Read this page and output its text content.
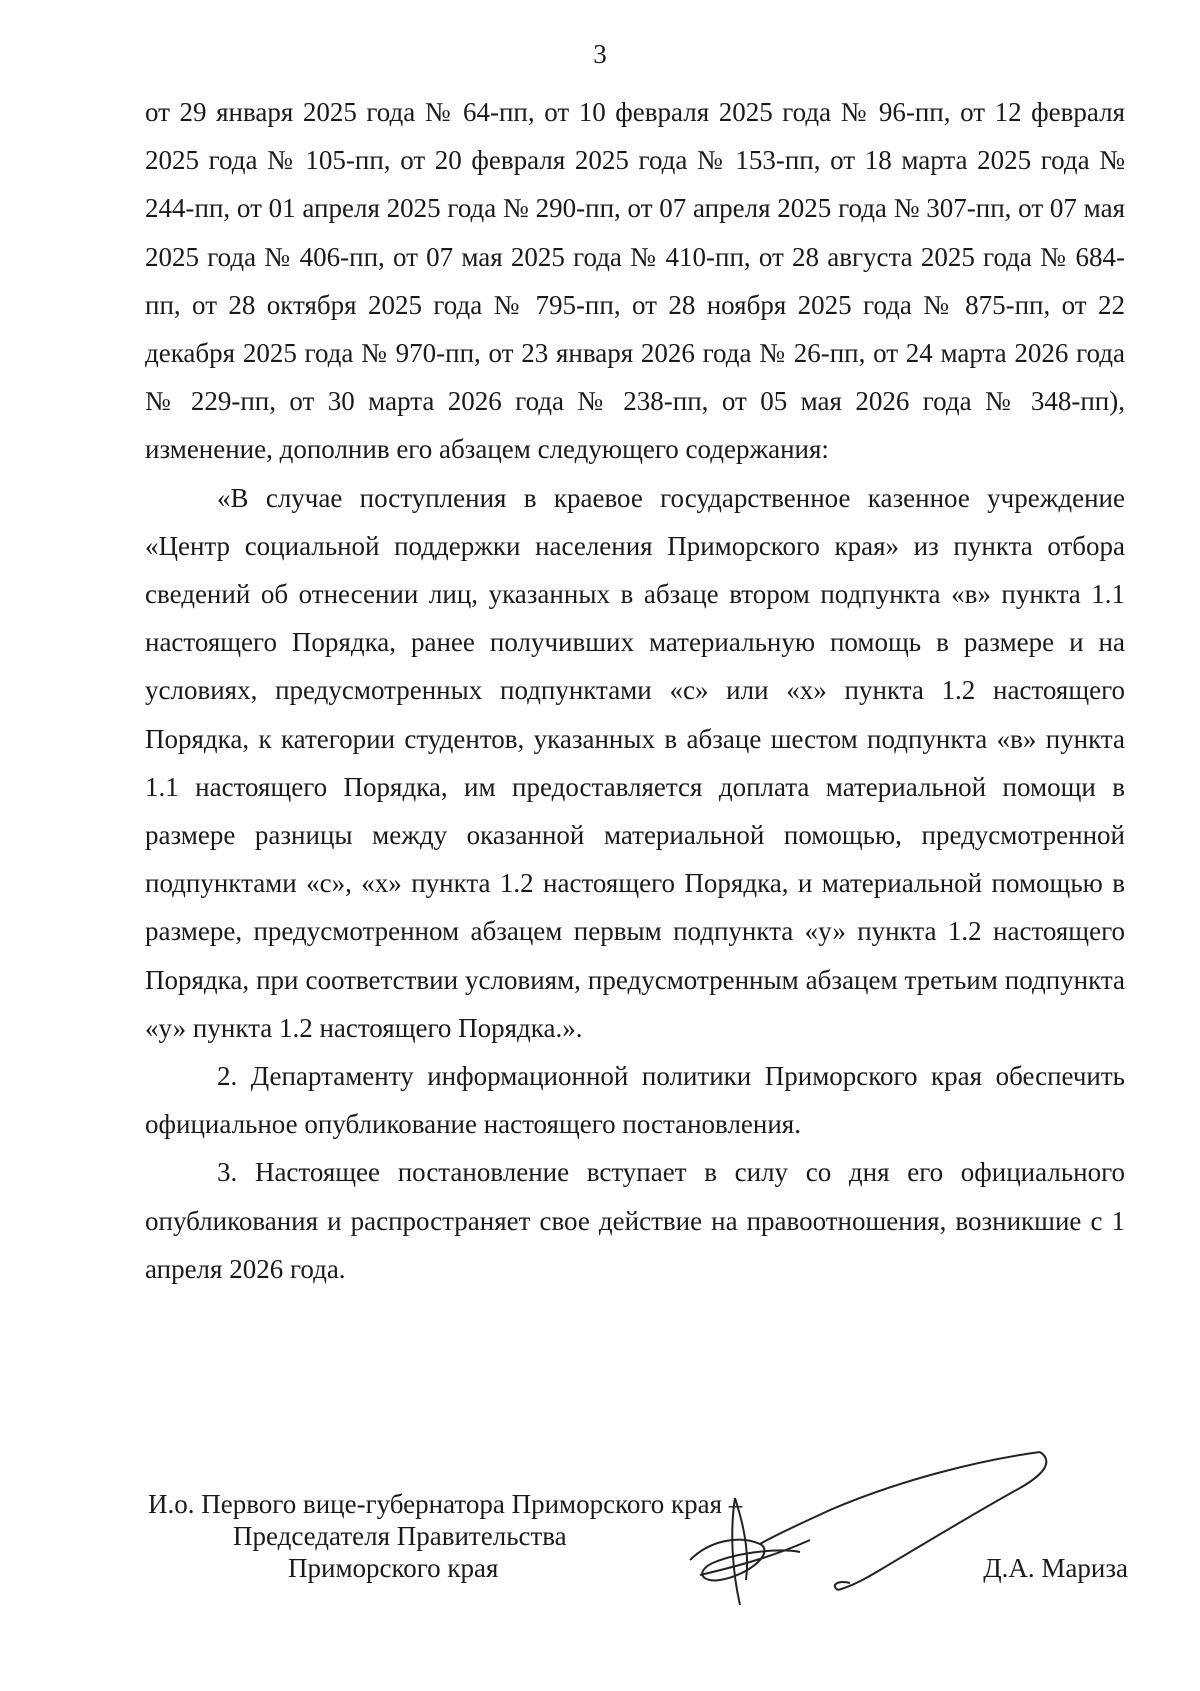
3

от 29 января 2025 года № 64-пп, от 10 февраля 2025 года № 96-пп, от 12 февраля 2025 года № 105-пп, от 20 февраля 2025 года № 153-пп, от 18 марта 2025 года № 244-пп, от 01 апреля 2025 года № 290-пп, от 07 апреля 2025 года № 307-пп, от 07 мая 2025 года № 406-пп, от 07 мая 2025 года № 410-пп, от 28 августа 2025 года № 684-пп, от 28 октября 2025 года № 795-пп, от 28 ноября 2025 года № 875-пп, от 22 декабря 2025 года № 970-пп, от 23 января 2026 года № 26-пп, от 24 марта 2026 года № 229-пп, от 30 марта 2026 года № 238-пп, от 05 мая 2026 года № 348-пп), изменение, дополнив его абзацем следующего содержания:

«В случае поступления в краевое государственное казенное учреждение «Центр социальной поддержки населения Приморского края» из пункта отбора сведений об отнесении лиц, указанных в абзаце втором подпункта «в» пункта 1.1 настоящего Порядка, ранее получивших материальную помощь в размере и на условиях, предусмотренных подпунктами «с» или «х» пункта 1.2 настоящего Порядка, к категории студентов, указанных в абзаце шестом подпункта «в» пункта 1.1 настоящего Порядка, им предоставляется доплата материальной помощи в размере разницы между оказанной материальной помощью, предусмотренной подпунктами «с», «х» пункта 1.2 настоящего Порядка, и материальной помощью в размере, предусмотренном абзацем первым подпункта «у» пункта 1.2 настоящего Порядка, при соответствии условиям, предусмотренным абзацем третьим подпункта «у» пункта 1.2 настоящего Порядка.».

2. Департаменту информационной политики Приморского края обеспечить официальное опубликование настоящего постановления.

3. Настоящее постановление вступает в силу со дня его официального опубликования и распространяет свое действие на правоотношения, возникшие с 1 апреля 2026 года.

И.о. Первого вице-губернатора Приморского края –
Председателя Правительства
Приморского края	Д.А. Мариза
